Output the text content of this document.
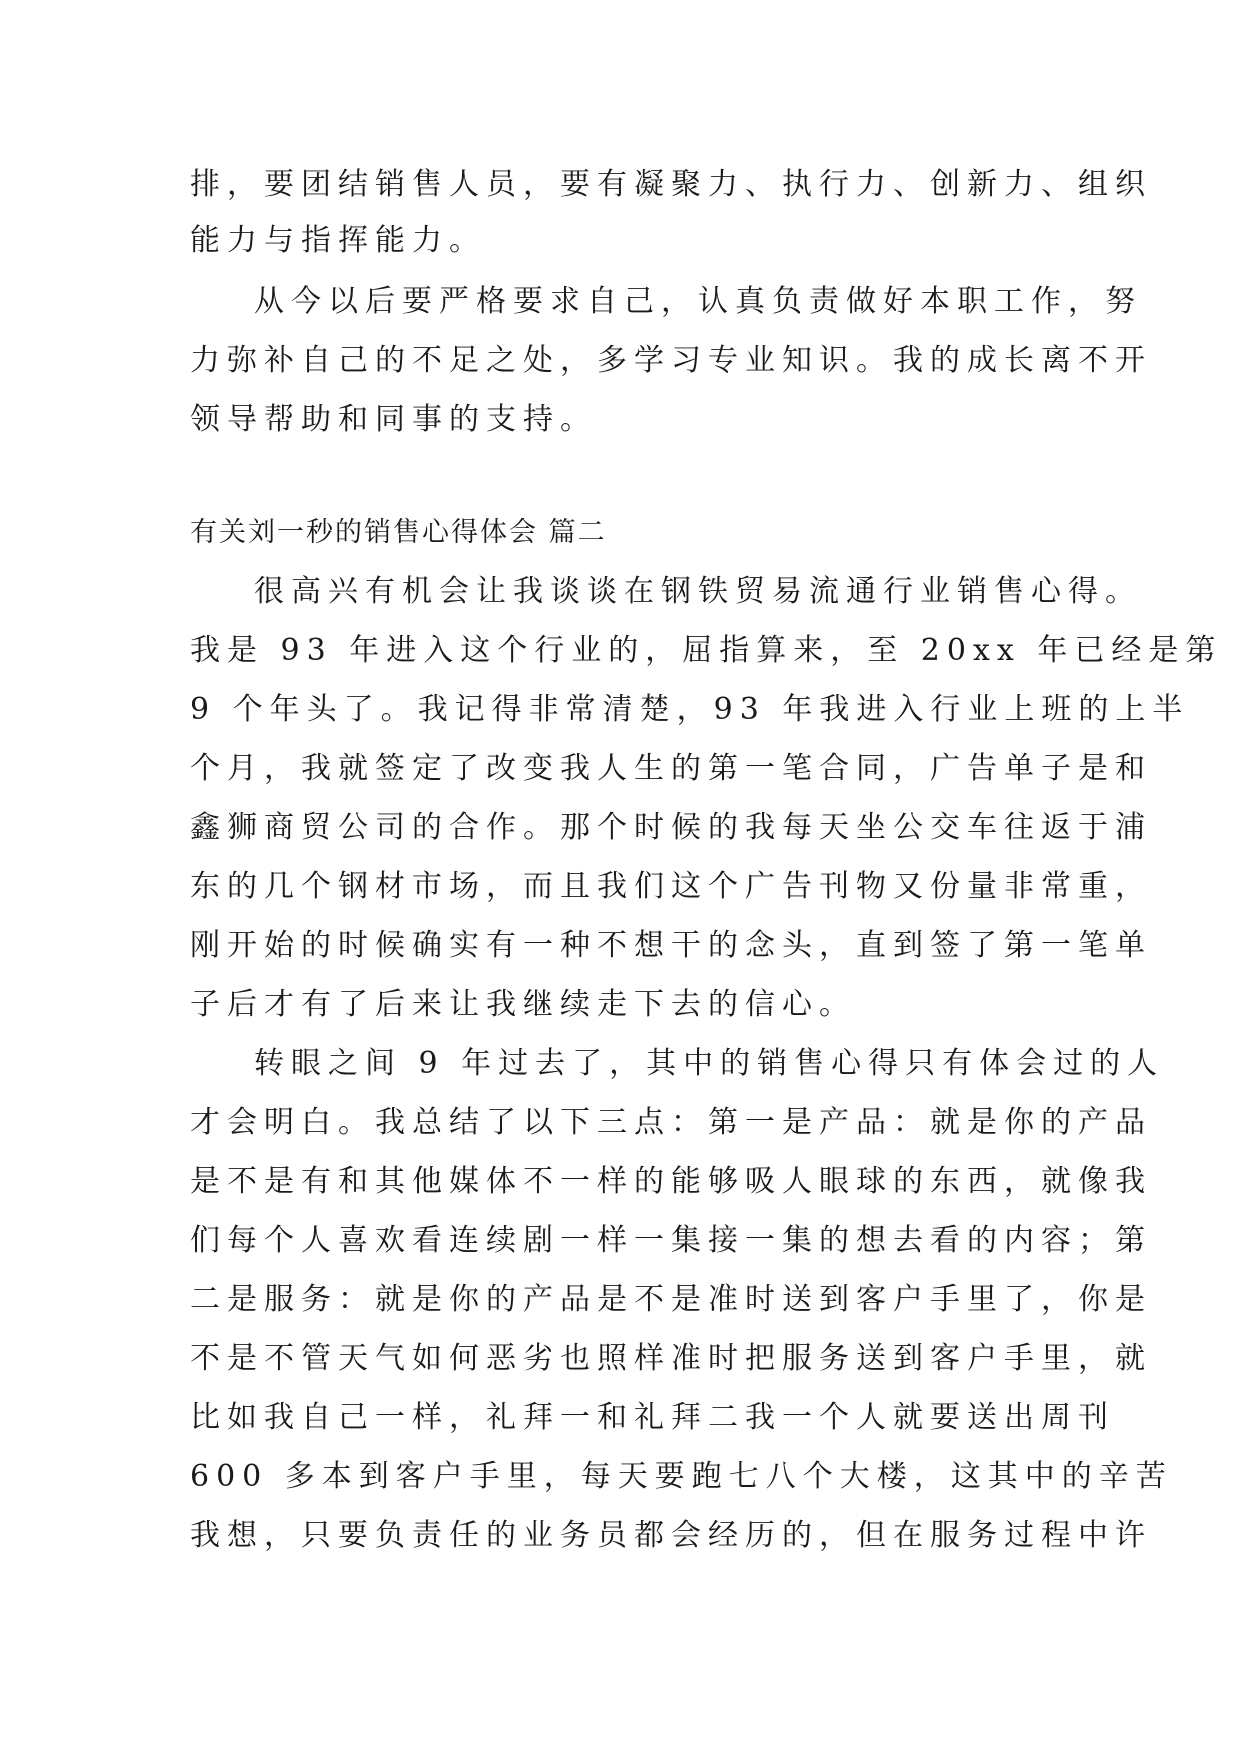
排，要团结销售人员，要有凝聚力、执行力、创新力、组织
能力与指挥能力。
从今以后要严格要求自己，认真负责做好本职工作，努
力弥补自己的不足之处，多学习专业知识。我的成长离不开
领导帮助和同事的支持。
有关刘一秒的销售心得体会 篇二
很高兴有机会让我谈谈在钢铁贸易流通行业销售心得。
我是 93 年进入这个行业的，屈指算来，至 20xx 年已经是第
9 个年头了。我记得非常清楚，93 年我进入行业上班的上半
个月，我就签定了改变我人生的第一笔合同，广告单子是和
鑫狮商贸公司的合作。那个时候的我每天坐公交车往返于浦
东的几个钢材市场，而且我们这个广告刊物又份量非常重，
刚开始的时候确实有一种不想干的念头，直到签了第一笔单
子后才有了后来让我继续走下去的信心。
转眼之间 9 年过去了，其中的销售心得只有体会过的人
才会明白。我总结了以下三点：第一是产品：就是你的产品
是不是有和其他媒体不一样的能够吸人眼球的东西，就像我
们每个人喜欢看连续剧一样一集接一集的想去看的内容；第
二是服务：就是你的产品是不是准时送到客户手里了，你是
不是不管天气如何恶劣也照样准时把服务送到客户手里，就
比如我自己一样，礼拜一和礼拜二我一个人就要送出周刊
600 多本到客户手里，每天要跑七八个大楼，这其中的辛苦
我想，只要负责任的业务员都会经历的，但在服务过程中许
